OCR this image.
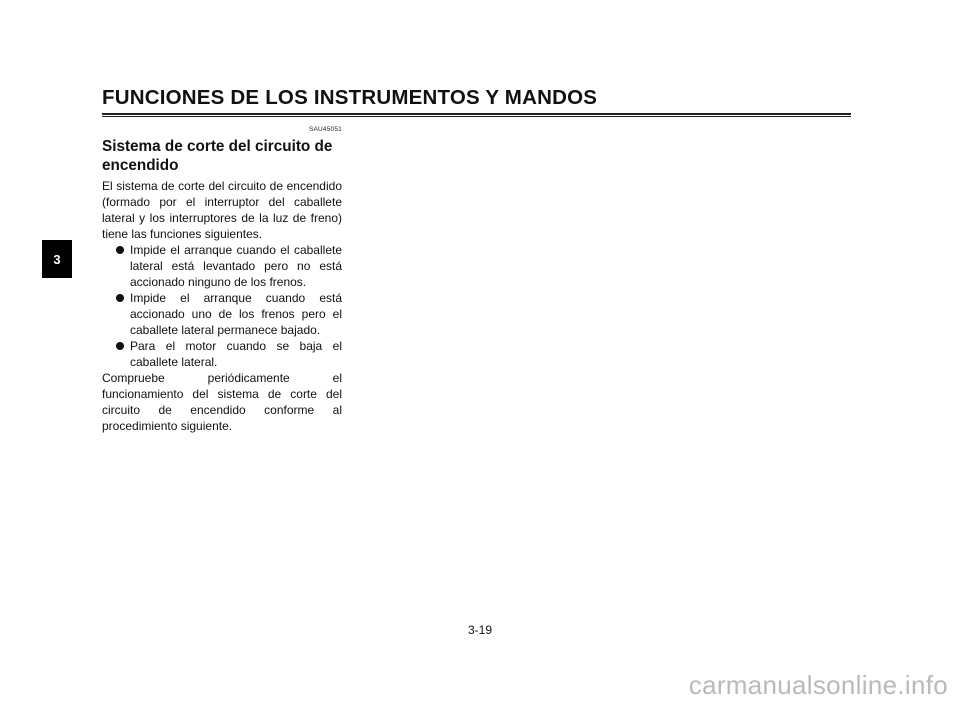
FUNCIONES DE LOS INSTRUMENTOS Y MANDOS
3
SAU45051
Sistema de corte del circuito de encendido

El sistema de corte del circuito de encendido (formado por el interruptor del caballete lateral y los interruptores de la luz de freno) tiene las funciones siguientes.

Impide el arranque cuando el caballete lateral está levantado pero no está accionado ninguno de los frenos.
Impide el arranque cuando está accionado uno de los frenos pero el caballete lateral permanece bajado.
Para el motor cuando se baja el caballete lateral.

Compruebe periódicamente el funcionamiento del sistema de corte del circuito de encendido conforme al procedimiento siguiente.

3-19
carmanualsonline.info
